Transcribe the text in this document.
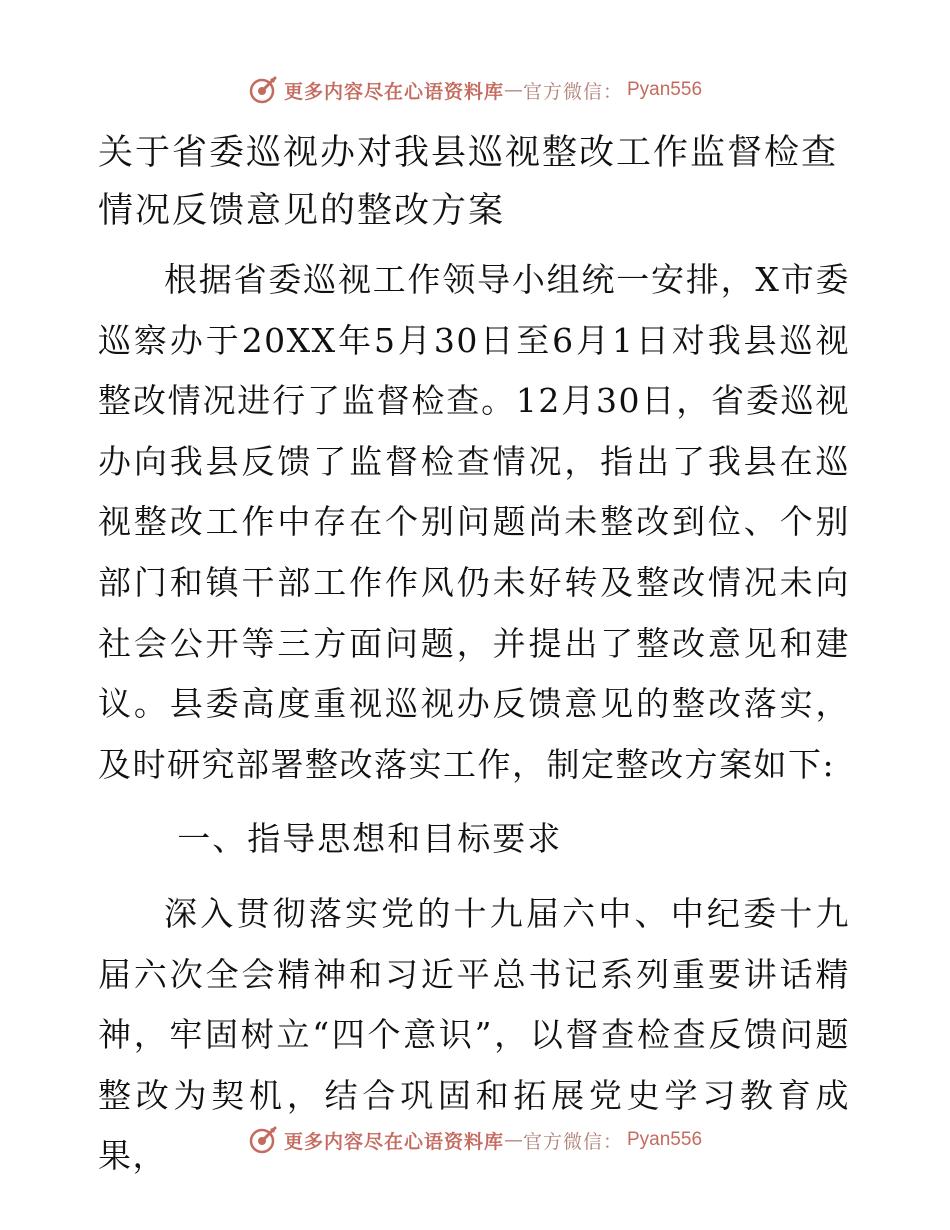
更多内容尽在心语资料库 — 官方微信： Pyan556
关于省委巡视办对我县巡视整改工作监督检查情况反馈意见的整改方案

根据省委巡视工作领导小组统一安排，X市委巡察办于20XX年5月30日至6月1日对我县巡视整改情况进行了监督检查。12月30日，省委巡视办向我县反馈了监督检查情况，指出了我县在巡视整改工作中存在个别问题尚未整改到位、个别部门和镇干部工作作风仍未好转及整改情况未向社会公开等三方面问题，并提出了整改意见和建议。县委高度重视巡视办反馈意见的整改落实，及时研究部署整改落实工作，制定整改方案如下:

一、指导思想和目标要求

深入贯彻落实党的十九届六中、中纪委十九届六次全会精神和习近平总书记系列重要讲话精神，牢固树立“四个意识”，以督查检查反馈问题整改为契机，结合巩固和拓展党史学习教育成果，	更多内容尽在心语资料库 — 官方微信： Pyan556
